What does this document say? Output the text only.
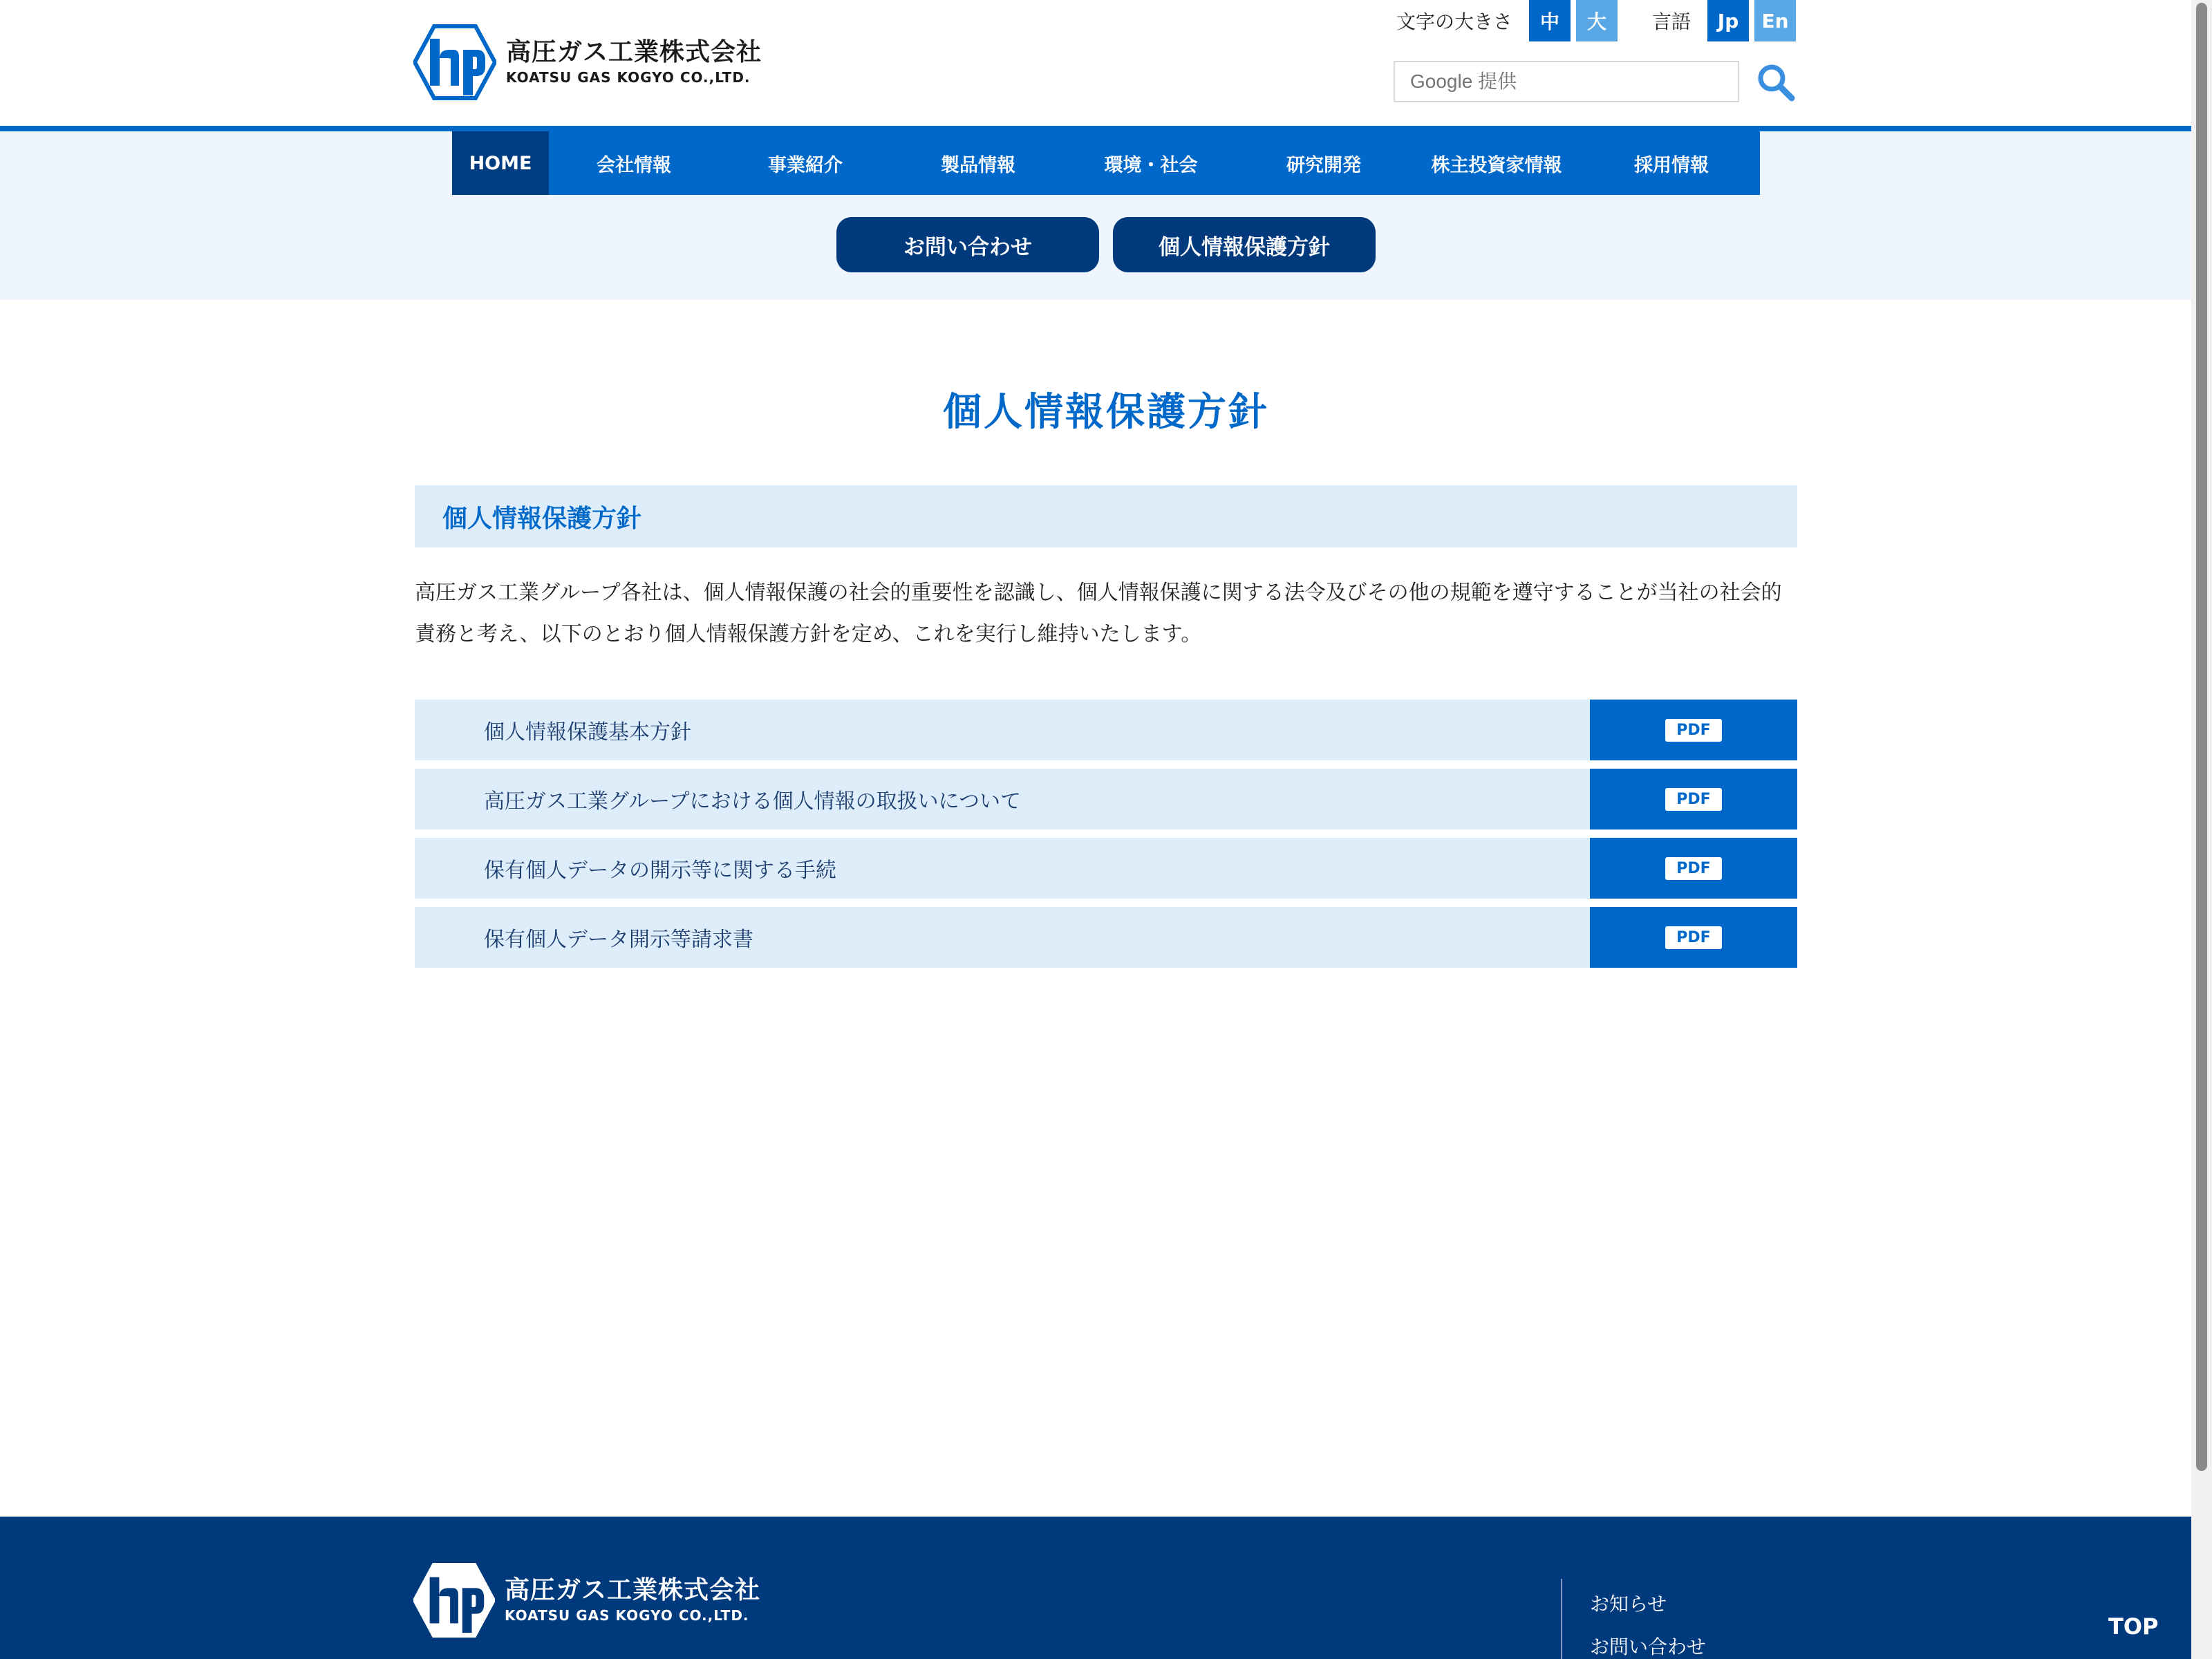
高圧ガス工業株式会社
KOATSU GAS KOGYO CO.,LTD.
文字の大きさ	中	大	言語	Jp	En
Google 提供
HOME	会社情報	事業紹介	製品情報	環境・社会	研究開発	株主投資家情報	採用情報
お問い合わせ	個人情報保護方針
個人情報保護方針
個人情報保護方針

高圧ガス工業グループ各社は、個人情報保護の社会的重要性を認識し、個人情報保護に関する法令及びその他の規範を遵守することが当社の社会的責務と考え、以下のとおり個人情報保護方針を定め、これを実行し維持いたします。

個人情報保護基本方針	PDF
高圧ガス工業グループにおける個人情報の取扱いについて	PDF
保有個人データの開示等に関する手続	PDF
保有個人データ開示等請求書	PDF
高圧ガス工業株式会社
KOATSU GAS KOGYO CO.,LTD.	お知らせ
お問い合わせ
TOP
